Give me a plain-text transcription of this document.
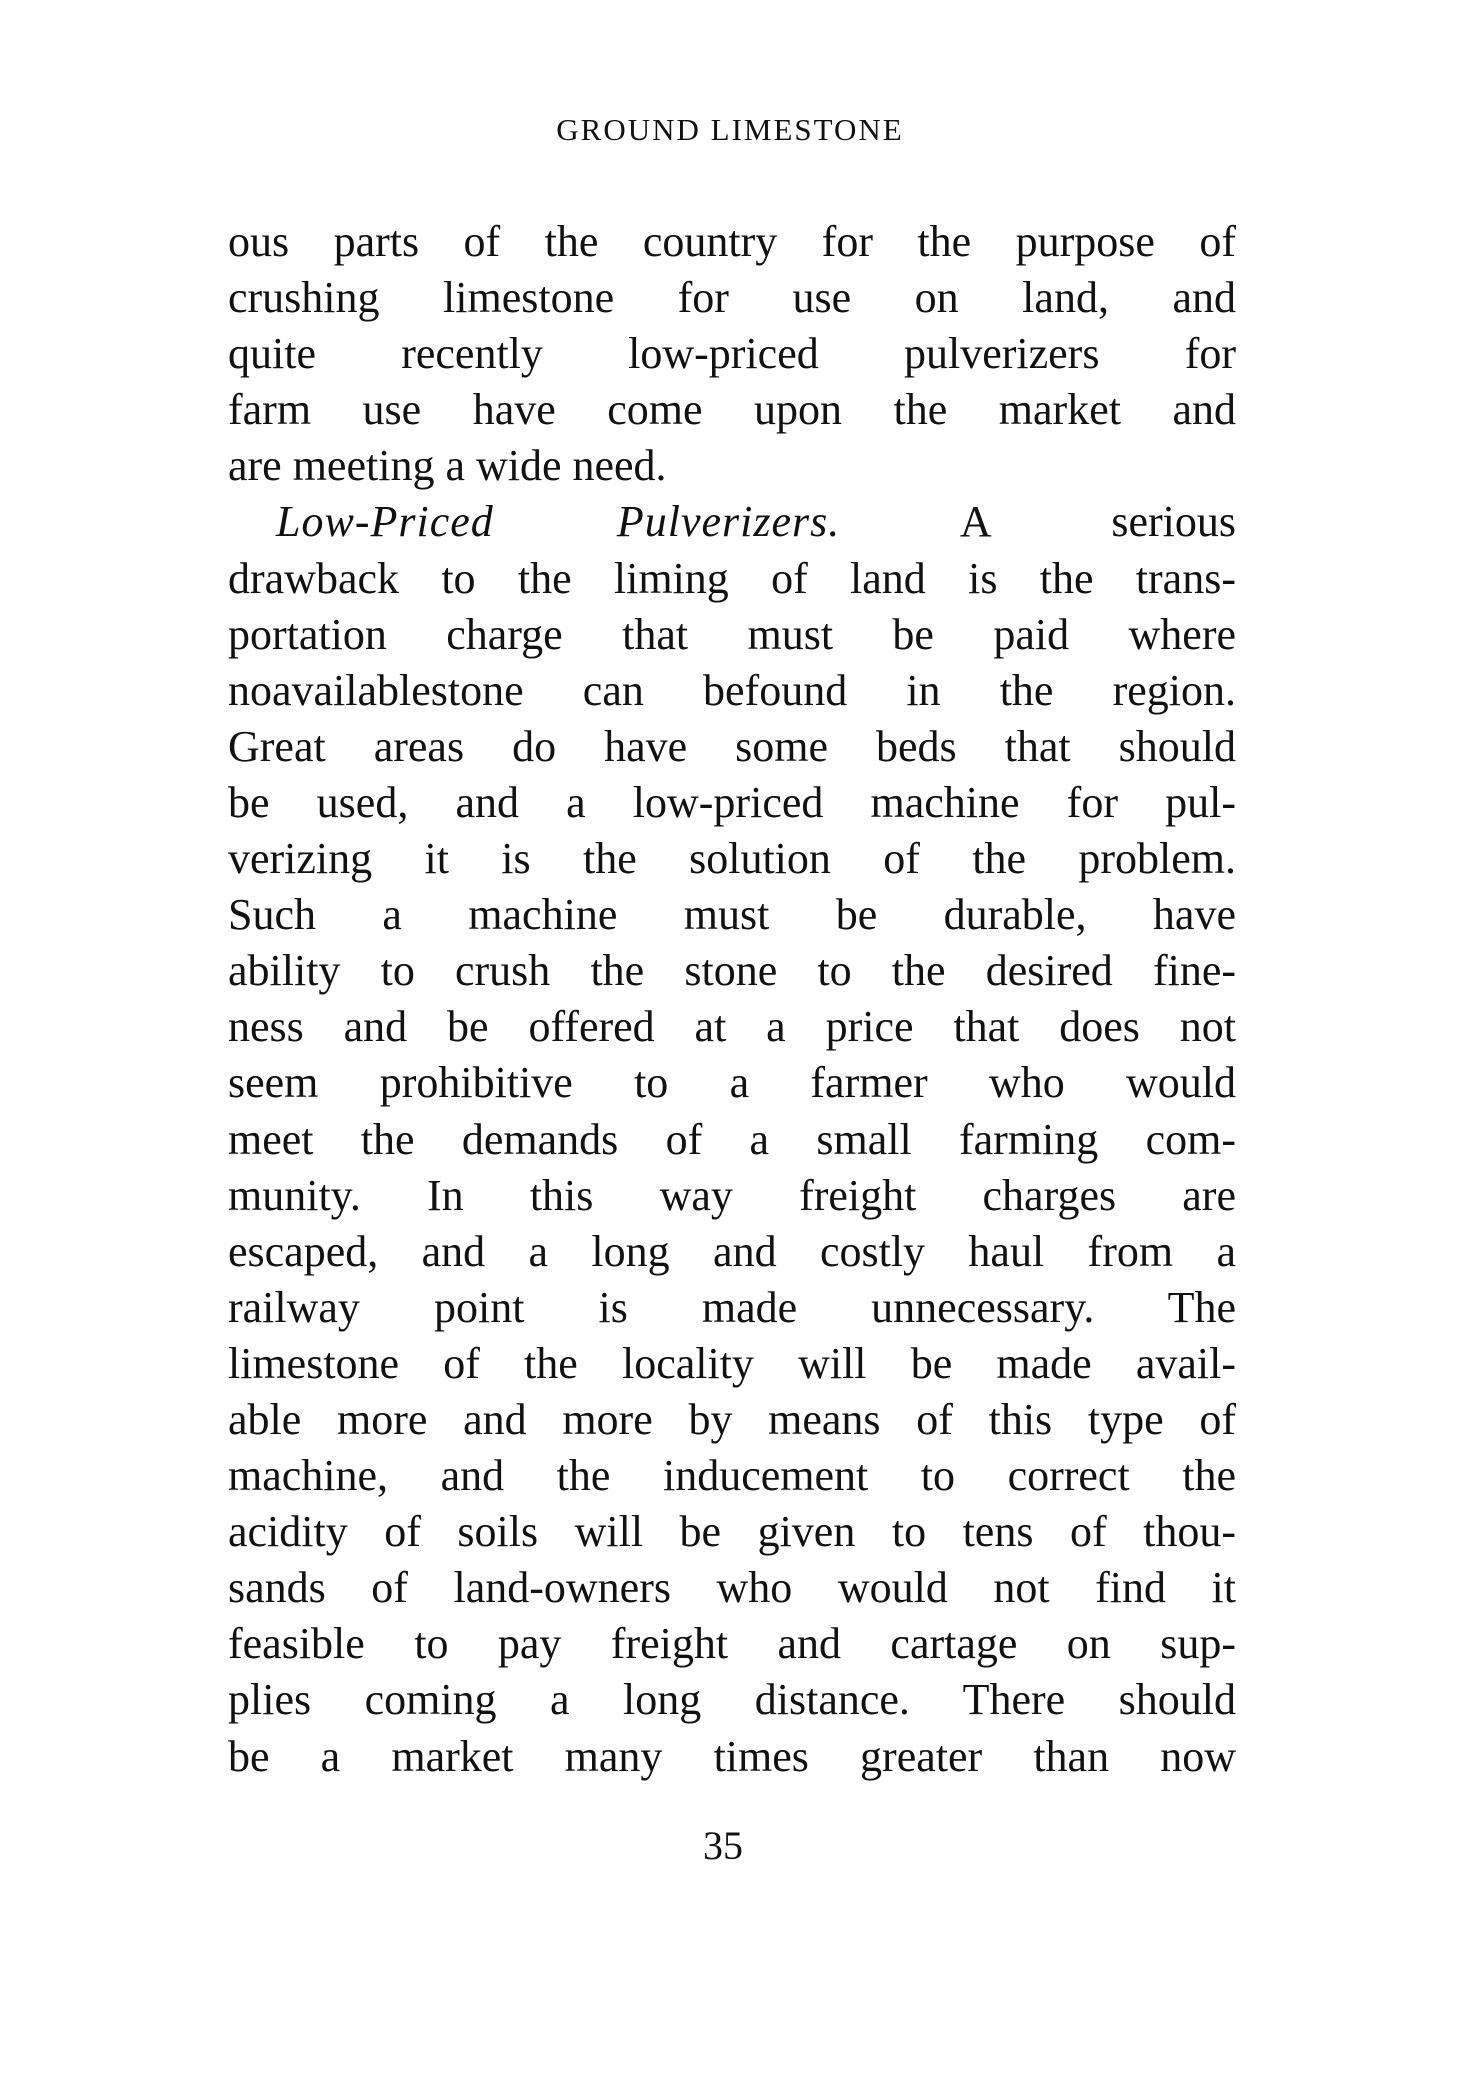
GROUND LIMESTONE
ous parts of the country for the purpose of
crushing limestone for use on land, and
quite recently low-priced pulverizers for
farm use have come upon the market and
are meeting a wide need.
Low-Priced Pulverizers. A serious
drawback to the liming of land is the trans-
portation charge that must be paid where
noavailablestone can befound in the region.
Great areas do have some beds that should
be used, and a low-priced machine for pul-
verizing it is the solution of the problem.
Such a machine must be durable, have
ability to crush the stone to the desired fine-
ness and be offered at a price that does not
seem prohibitive to a farmer who would
meet the demands of a small farming com-
munity. In this way freight charges are
escaped, and a long and costly haul from a
railway point is made unnecessary. The
limestone of the locality will be made avail-
able more and more by means of this type of
machine, and the inducement to correct the
acidity of soils will be given to tens of thou-
sands of land-owners who would not find it
feasible to pay freight and cartage on sup-
plies coming a long distance. There should
be a market many times greater than now
35
